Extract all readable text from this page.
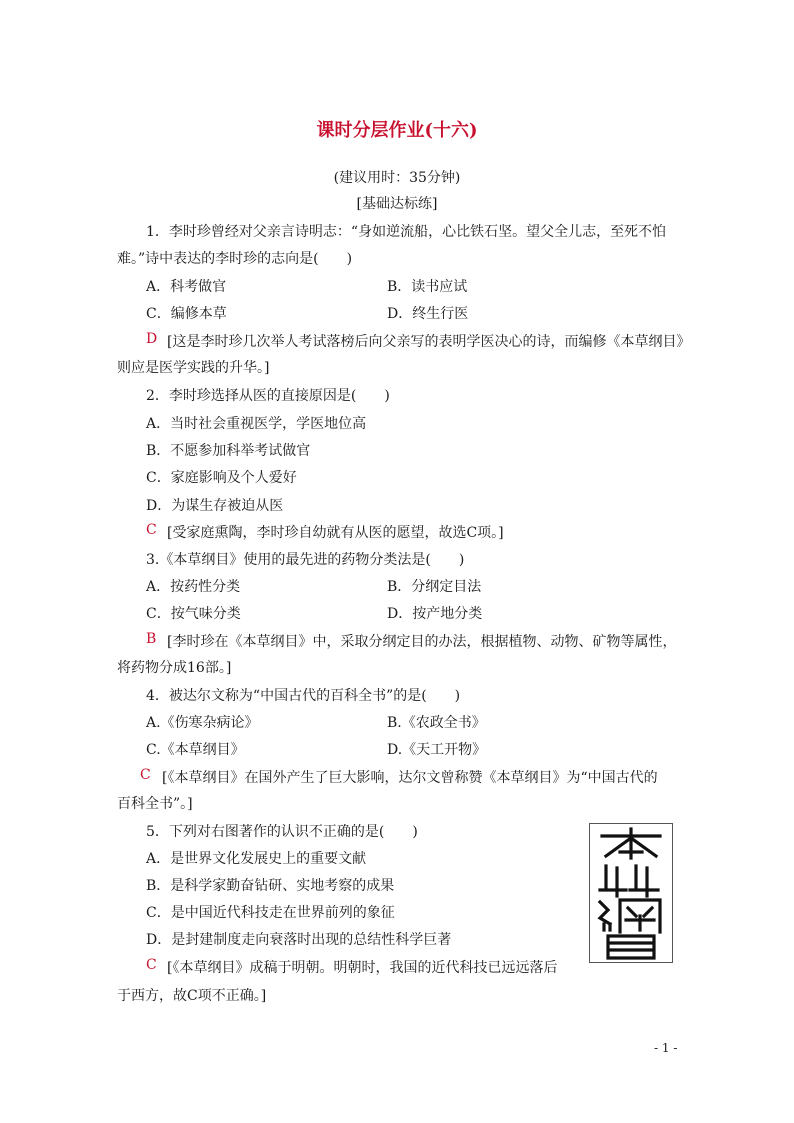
课时分层作业(十六)
(建议用时：35分钟)
[基础达标练]
1．李时珍曾经对父亲言诗明志：“身如逆流船，心比铁石坚。望父全儿志，至死不怕
难。”诗中表达的李时珍的志向是(　　)
A．科考做官	B．读书应试
C．编修本草	D．终生行医
D [这是李时珍几次举人考试落榜后向父亲写的表明学医决心的诗，而编修《本草纲目》
则应是医学实践的升华。]
2．李时珍选择从医的直接原因是(　　)
A．当时社会重视医学，学医地位高
B．不愿参加科举考试做官
C．家庭影响及个人爱好
D．为谋生存被迫从医
C [受家庭熏陶，李时珍自幼就有从医的愿望，故选C项。]
3.《本草纲目》使用的最先进的药物分类法是(　　)
A．按药性分类	B．分纲定目法
C．按气味分类	D．按产地分类
B [李时珍在《本草纲目》中，采取分纲定目的办法，根据植物、动物、矿物等属性，
将药物分成16部。]
4．被达尔文称为“中国古代的百科全书”的是(　　)
A.《伤寒杂病论》	B.《农政全书》
C.《本草纲目》	D.《天工开物》
C [《本草纲目》在国外产生了巨大影响，达尔文曾称赞《本草纲目》为“中国古代的
百科全书”。]
5．下列对右图著作的认识不正确的是(　　)
A．是世界文化发展史上的重要文献
B．是科学家勤奋钻研、实地考察的成果
C．是中国近代科技走在世界前列的象征
D．是封建制度走向衰落时出现的总结性科学巨著
C [《本草纲目》成稿于明朝。明朝时，我国的近代科技已远远落后
于西方，故C项不正确。]
- 1 -
